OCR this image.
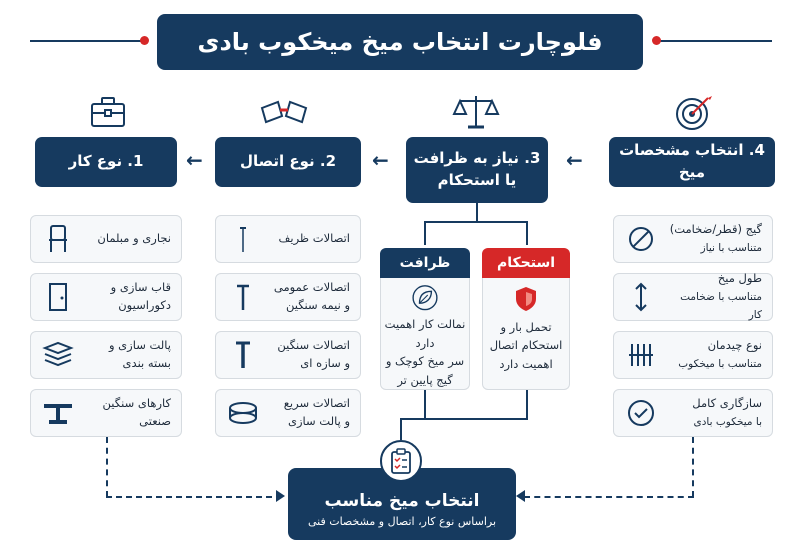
فلوچارت انتخاب میخ میخکوب بادی
1. نوع کار	2. نوع اتصال	3. نیاز به ظرافت یا استحکام
4. انتخاب مشخصات میخ
←	←	←
نجاری و مبلمان
قاب سازی و دکوراسیون
پالت سازی و بسته بندی
کارهای سنگین صنعتی
اتصالات ظریف
اتصالات عمومی
و نیمه سنگین
اتصالات سنگین
و سازه ای
اتصالات سریع
و پالت سازی
ظرافت
نمالت کار اهمیت دارد
سر میخ کوچک و
گیج پایین تر
استحکام
تحمل بار و
استحکام اتصال
اهمیت دارد
گیج (قطر/ضخامت)
متناسب با نیاز
طول میخ
متناسب با ضخامت کار
نوع چیدمان
متناسب با میخکوب
سازگاری کامل
با میخکوب بادی
انتخاب میخ مناسب
براساس نوع کار، اتصال و مشخصات فنی
